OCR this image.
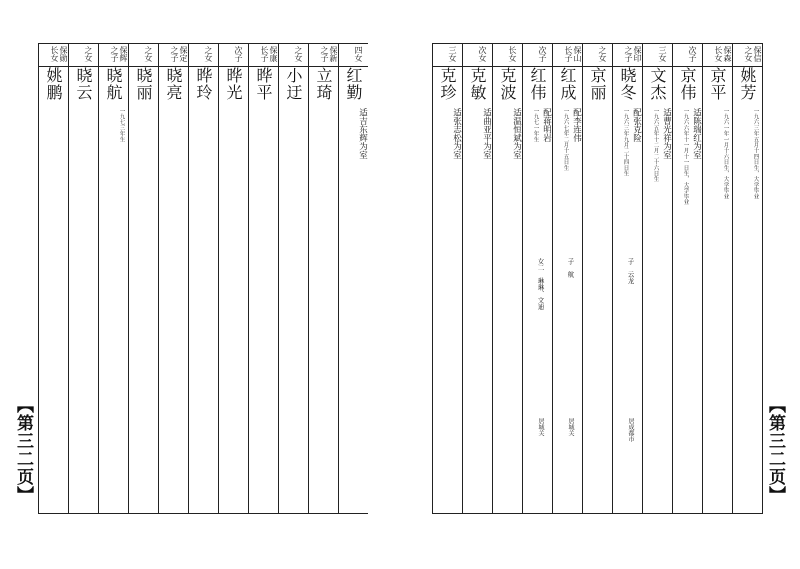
【第三二页】
四女
红勤
适吉东辉为室
保新
之子
立琦
之女
小迂
保康
长子
晔平
次子
晔光
之女
晔玲
保定
之子
晓亮
之女
晓丽
保辉
之子
晓航
一九七三年生
之女
晓云
保勋
长女
姚鹏
【第三二页】
保信
之女
姚芳
一九六三年五月十四日生，大学毕业
保森
长女
京平
一九六一年一月十六日生，大学毕业
次子
京伟
适陈瑞红为室
一九六六年十一月十一日生，大学毕业
三女
文杰
适曹光祥为室
一九六五年十二月二十六日生
保印
之子
晓冬
配张克险
一九六三年九月二十四日生
子　云龙
居成都市
之女
京丽
保山
长子
红成
配李连伟
一九六七年二月十五日生
子　航
居城关
次子
红伟
配蒋明岩
一九七一年生
女二　琳琳、文迪
居城关
长女
克波
适温恒斌为室
次女
克敏
适曲亚平为室
三女
克珍
适张志松为室
